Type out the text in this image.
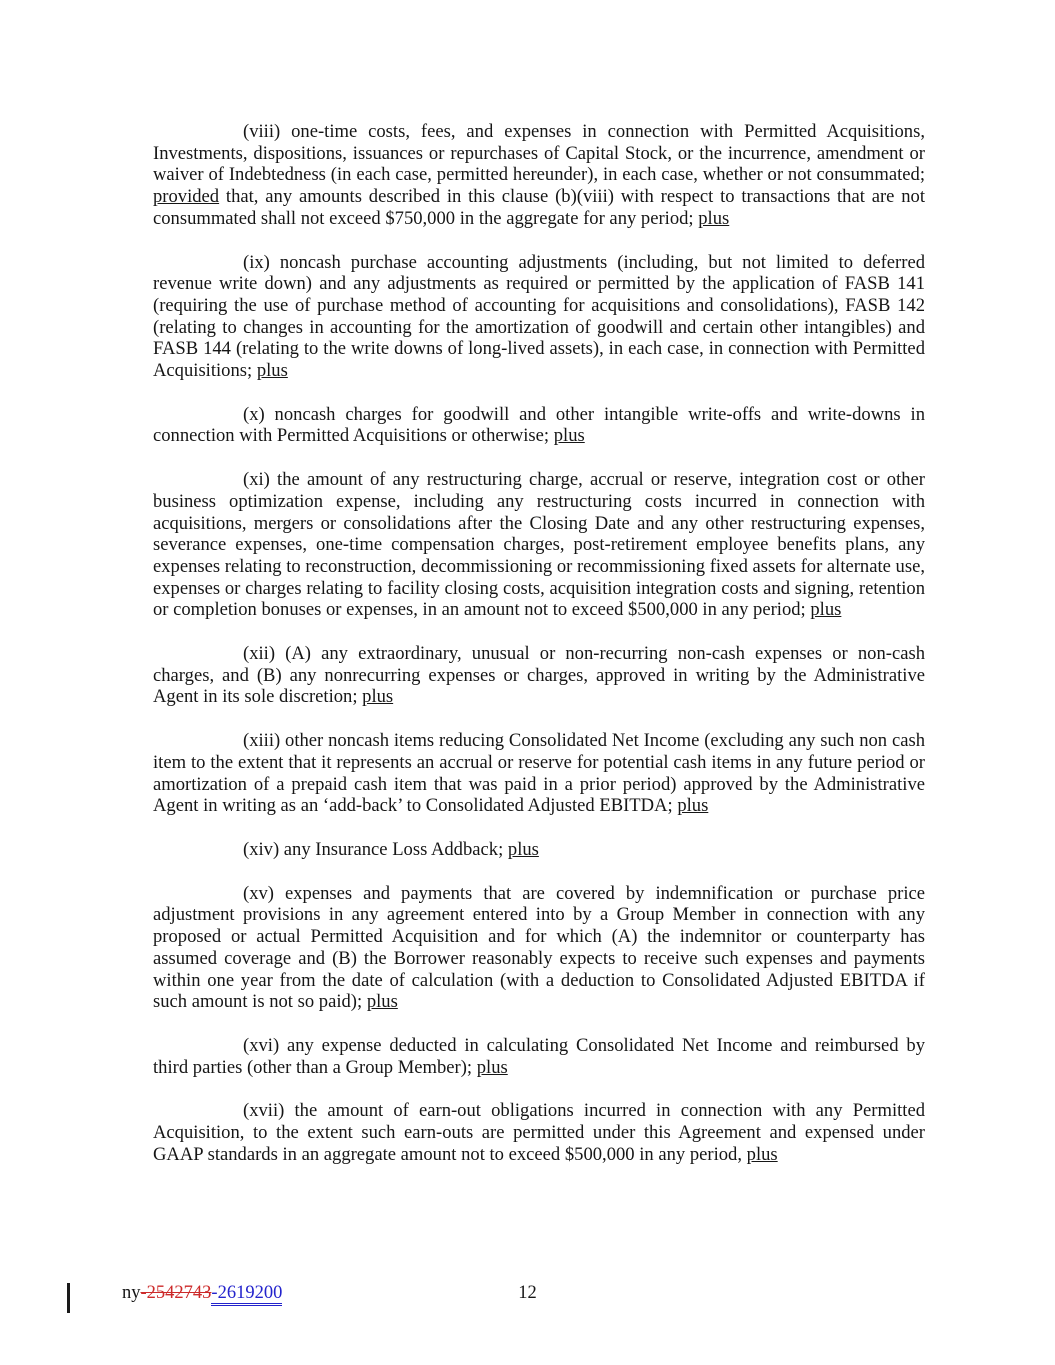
(viii) one-time costs, fees, and expenses in connection with Permitted Acquisitions, Investments, dispositions, issuances or repurchases of Capital Stock, or the incurrence, amendment or waiver of Indebtedness (in each case, permitted hereunder), in each case, whether or not consummated; provided that, any amounts described in this clause (b)(viii) with respect to transactions that are not consummated shall not exceed $750,000 in the aggregate for any period; plus

(ix) noncash purchase accounting adjustments (including, but not limited to deferred revenue write down) and any adjustments as required or permitted by the application of FASB 141 (requiring the use of purchase method of accounting for acquisitions and consolidations), FASB 142 (relating to changes in accounting for the amortization of goodwill and certain other intangibles) and FASB 144 (relating to the write downs of long-lived assets), in each case, in connection with Permitted Acquisitions; plus

(x) noncash charges for goodwill and other intangible write-offs and write-downs in connection with Permitted Acquisitions or otherwise; plus

(xi) the amount of any restructuring charge, accrual or reserve, integration cost or other business optimization expense, including any restructuring costs incurred in connection with acquisitions, mergers or consolidations after the Closing Date and any other restructuring expenses, severance expenses, one-time compensation charges, post-retirement employee benefits plans, any expenses relating to reconstruction, decommissioning or recommissioning fixed assets for alternate use, expenses or charges relating to facility closing costs, acquisition integration costs and signing, retention or completion bonuses or expenses, in an amount not to exceed $500,000 in any period; plus

(xii) (A) any extraordinary, unusual or non-recurring non-cash expenses or non-cash charges, and (B) any nonrecurring expenses or charges, approved in writing by the Administrative Agent in its sole discretion; plus

(xiii) other noncash items reducing Consolidated Net Income (excluding any such non cash item to the extent that it represents an accrual or reserve for potential cash items in any future period or amortization of a prepaid cash item that was paid in a prior period) approved by the Administrative Agent in writing as an ‘add-back’ to Consolidated Adjusted EBITDA; plus

(xiv) any Insurance Loss Addback; plus

(xv) expenses and payments that are covered by indemnification or purchase price adjustment provisions in any agreement entered into by a Group Member in connection with any proposed or actual Permitted Acquisition and for which (A) the indemnitor or counterparty has assumed coverage and (B) the Borrower reasonably expects to receive such expenses and payments within one year from the date of calculation (with a deduction to Consolidated Adjusted EBITDA if such amount is not so paid); plus

(xvi) any expense deducted in calculating Consolidated Net Income and reimbursed by third parties (other than a Group Member); plus

(xvii) the amount of earn-out obligations incurred in connection with any Permitted Acquisition, to the extent such earn-outs are permitted under this Agreement and expensed under GAAP standards in an aggregate amount not to exceed $500,000 in any period, plus

ny-2542743-2619200	12
